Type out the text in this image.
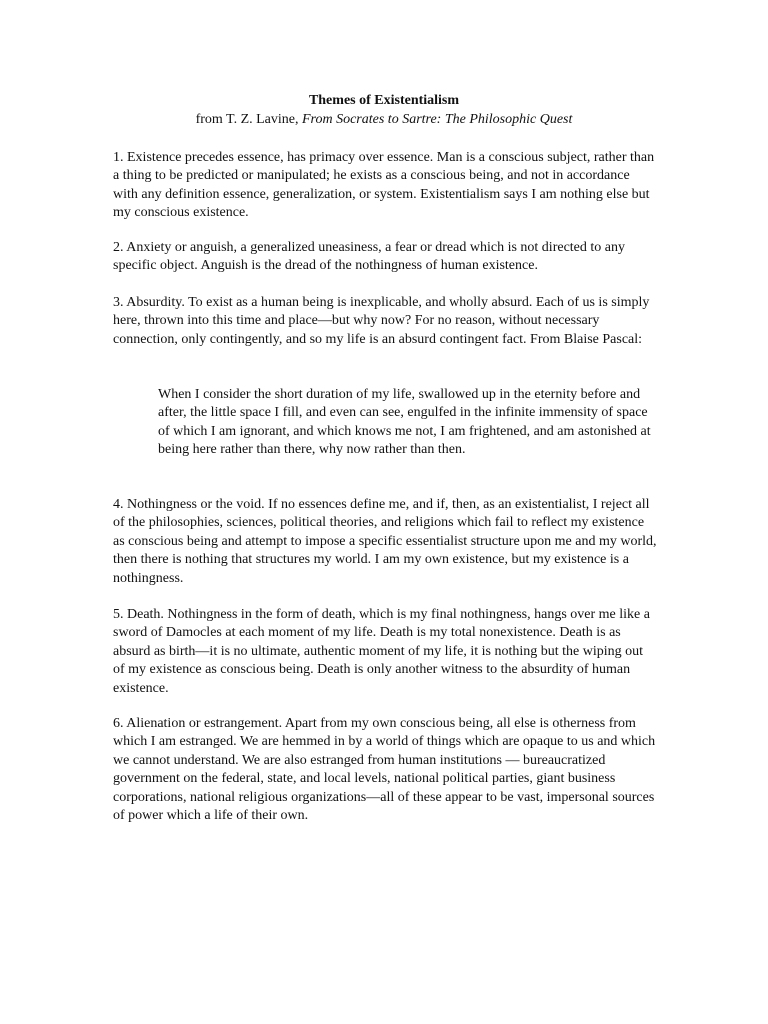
Themes of Existentialism
from T. Z. Lavine, From Socrates to Sartre: The Philosophic Quest

1. Existence precedes essence, has primacy over essence. Man is a conscious subject, rather than a thing to be predicted or manipulated; he exists as a conscious being, and not in accordance with any definition essence, generalization, or system. Existentialism says I am nothing else but my conscious existence.

2. Anxiety or anguish, a generalized uneasiness, a fear or dread which is not directed to any specific object. Anguish is the dread of the nothingness of human existence.

3. Absurdity. To exist as a human being is inexplicable, and wholly absurd. Each of us is simply here, thrown into this time and place—but why now? For no reason, without necessary connection, only contingently, and so my life is an absurd contingent fact. From Blaise Pascal:

When I consider the short duration of my life, swallowed up in the eternity before and after, the little space I fill, and even can see, engulfed in the infinite immensity of space of which I am ignorant, and which knows me not, I am frightened, and am astonished at being here rather than there, why now rather than then.

4. Nothingness or the void. If no essences define me, and if, then, as an existentialist, I reject all of the philosophies, sciences, political theories, and religions which fail to reflect my existence as conscious being and attempt to impose a specific essentialist structure upon me and my world, then there is nothing that structures my world. I am my own existence, but my existence is a nothingness.

5. Death. Nothingness in the form of death, which is my final nothingness, hangs over me like a sword of Damocles at each moment of my life. Death is my total nonexistence. Death is as absurd as birth—it is no ultimate, authentic moment of my life, it is nothing but the wiping out of my existence as conscious being. Death is only another witness to the absurdity of human existence.

6. Alienation or estrangement. Apart from my own conscious being, all else is otherness from which I am estranged. We are hemmed in by a world of things which are opaque to us and which we cannot understand. We are also estranged from human institutions — bureaucratized government on the federal, state, and local levels, national political parties, giant business corporations, national religious organizations—all of these appear to be vast, impersonal sources of power which a life of their own.
